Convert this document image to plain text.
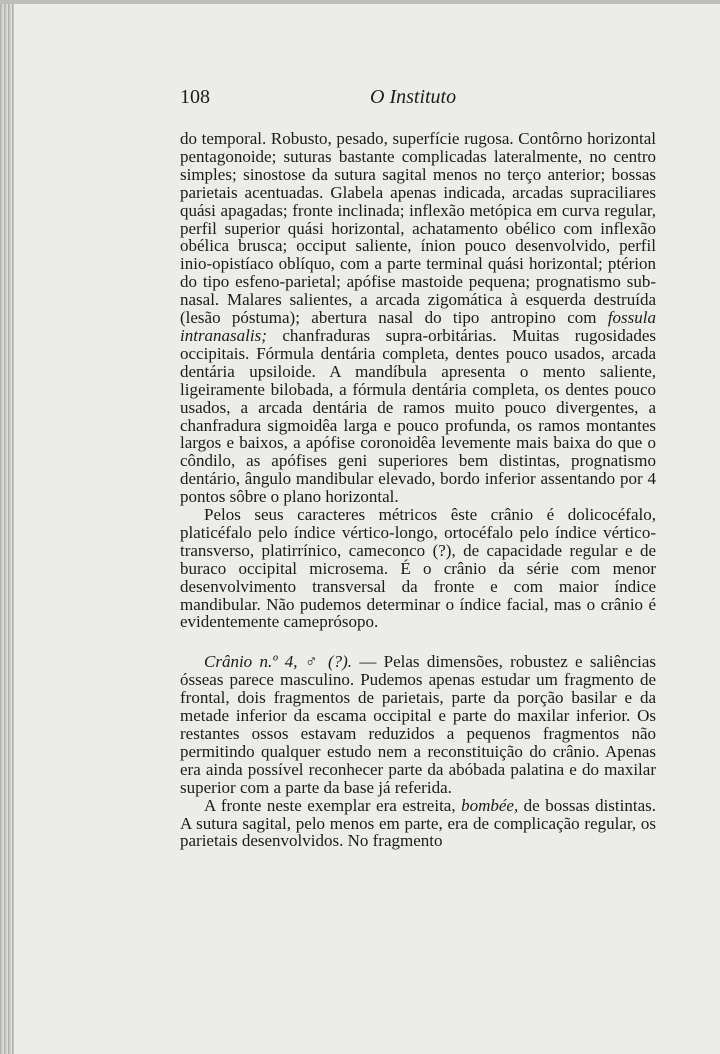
108	O Instituto

do temporal. Robusto, pesado, superfície rugosa. Contôrno horizontal pentagonoide; suturas bastante complicadas lateralmente, no centro simples; sinostose da sutura sagital menos no terço anterior; bossas parietais acentuadas. Glabela apenas indicada, arcadas supraciliares quási apagadas; fronte inclinada; inflexão metópica em curva regular, perfil superior quási horizontal, achatamento obélico com inflexão obélica brusca; occiput saliente, ínion pouco desenvolvido, perfil inio-opistíaco oblíquo, com a parte terminal quási horizontal; ptérion do tipo esfeno-parietal; apófise mastoide pequena; prognatismo sub-nasal. Malares salientes, a arcada zigomática à esquerda destruída (lesão póstuma); abertura nasal do tipo antropino com fossula intranasalis; chanfraduras supra-orbitárias. Muitas rugosidades occipitais. Fórmula dentária completa, dentes pouco usados, arcada dentária upsiloide. A mandíbula apresenta o mento saliente, ligeiramente bilobada, a fórmula dentária completa, os dentes pouco usados, a arcada dentária de ramos muito pouco divergentes, a chanfradura sigmoidêa larga e pouco profunda, os ramos montantes largos e baixos, a apófise coronoidêa levemente mais baixa do que o côndilo, as apófises geni superiores bem distintas, prognatismo dentário, ângulo mandibular elevado, bordo inferior assentando por 4 pontos sôbre o plano horizontal.

Pelos seus caracteres métricos êste crânio é dolicocéfalo, platicéfalo pelo índice vértico-longo, ortocéfalo pelo índice vértico-transverso, platirrínico, cameconco (?), de capacidade regular e de buraco occipital microsema. É o crânio da série com menor desenvolvimento transversal da fronte e com maior índice mandibular. Não pudemos determinar o índice facial, mas o crânio é evidentemente cameprósopo.

Crânio n.º 4, ♂ (?). — Pelas dimensões, robustez e saliências ósseas parece masculino. Pudemos apenas estudar um fragmento de frontal, dois fragmentos de parietais, parte da porção basilar e da metade inferior da escama occipital e parte do maxilar inferior. Os restantes ossos estavam reduzidos a pequenos fragmentos não permitindo qualquer estudo nem a reconstituição do crânio. Apenas era ainda possível reconhecer parte da abóbada palatina e do maxilar superior com a parte da base já referida.

A fronte neste exemplar era estreita, bombée, de bossas distintas. A sutura sagital, pelo menos em parte, era de complicação regular, os parietais desenvolvidos. No fragmento
